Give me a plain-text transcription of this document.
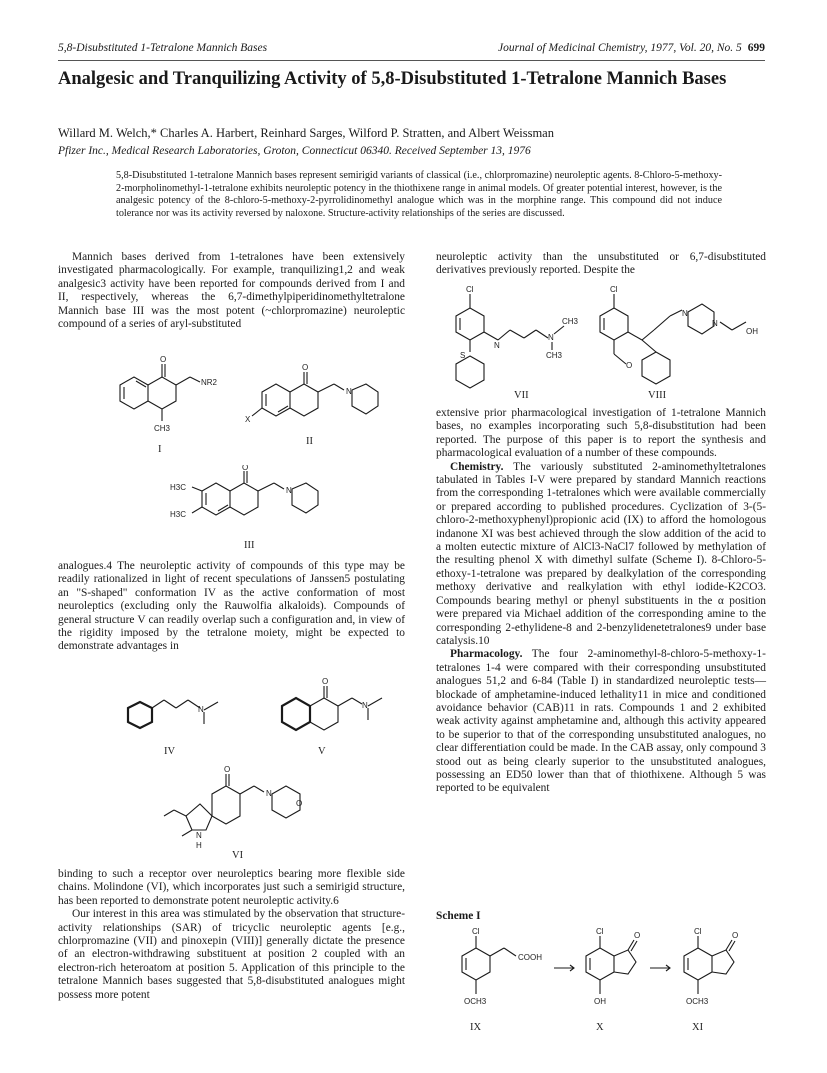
5,8-Disubstituted 1-Tetralone Mannich Bases	Journal of Medicinal Chemistry, 1977, Vol. 20, No. 5 699
Analgesic and Tranquilizing Activity of 5,8-Disubstituted 1-Tetralone Mannich Bases
Willard M. Welch,* Charles A. Harbert, Reinhard Sarges, Wilford P. Stratten, and Albert Weissman
Pfizer Inc., Medical Research Laboratories, Groton, Connecticut 06340. Received September 13, 1976
5,8-Disubstituted 1-tetralone Mannich bases represent semirigid variants of classical (i.e., chlorpromazine) neuroleptic agents. 8-Chloro-5-methoxy-2-morpholinomethyl-1-tetralone exhibits neuroleptic potency in the thiothixene range in animal models. Of greater potential interest, however, is the analgesic potency of the 8-chloro-5-methoxy-2-pyrrolidinomethyl analogue which was in the morphine range. This compound did not induce tolerance nor was its activity reversed by naloxone. Structure-activity relationships of the series are discussed.

Mannich bases derived from 1-tetralones have been extensively investigated pharmacologically. For example, tranquilizing1,2 and weak analgesic3 activity have been reported for compounds derived from I and II, respectively, whereas the 6,7-dimethylpiperidinomethyltetralone Mannich base III was the most potent (~chlorpromazine) neuroleptic compound of a series of aryl-substituted

O
NR2
CH3
I
O
X
N
II
O
H3C
H3C
N
III

analogues.4 The neuroleptic activity of compounds of this type may be readily rationalized in light of recent speculations of Janssen5 postulating an "S-shaped" conformation IV as the active conformation of most neuroleptics (excluding only the Rauwolfia alkaloids). Compounds of general structure V can readily overlap such a configuration and, in view of the rigidity imposed by the tetralone moiety, might be expected to demonstrate advantages in

N
IV
O
N
V
O
N
O
N
H
VI

binding to such a receptor over neuroleptics bearing more flexible side chains. Molindone (VI), which incorporates just such a semirigid structure, has been reported to demonstrate potent neuroleptic activity.6

Our interest in this area was stimulated by the observation that structure-activity relationships (SAR) of tricyclic neuroleptic agents [e.g., chlorpromazine (VII) and pinoxepin (VIII)] generally dictate the presence of an electron-withdrawing substituent at position 2 coupled with an electron-rich heteroatom at position 5. Application of this principle to the tetralone Mannich bases suggested that 5,8-disubstituted analogues might possess more potent

neuroleptic activity than the unsubstituted or 6,7-disubstituted derivatives previously reported. Despite the

Cl
N
S
N
CH3
CH3
VII
Cl
O
N
N
OH
VIII

extensive prior pharmacological investigation of 1-tetralone Mannich bases, no examples incorporating such 5,8-disubstitution had been reported. The purpose of this paper is to report the synthesis and pharmacological evaluation of a number of these compounds.

Chemistry. The variously substituted 2-aminomethyltetralones tabulated in Tables I-V were prepared by standard Mannich reactions from the corresponding 1-tetralones which were available commercially or prepared according to published procedures. Cyclization of 3-(5-chloro-2-methoxyphenyl)propionic acid (IX) to afford the homologous indanone XI was best achieved through the slow addition of the acid to a molten eutectic mixture of AlCl3-NaCl7 followed by methylation of the resulting phenol X with dimethyl sulfate (Scheme I). 8-Chloro-5-ethoxy-1-tetralone was prepared by dealkylation of the corresponding methoxy derivative and realkylation with ethyl iodide-K2CO3. Compounds bearing methyl or phenyl substituents in the α position were prepared via Michael addition of the corresponding amine to the corresponding 2-ethylidene-8 and 2-benzylidenetetralones9 under base catalysis.10

Pharmacology. The four 2-aminomethyl-8-chloro-5-methoxy-1-tetralones 1-4 were compared with their corresponding unsubstituted analogues 51,2 and 6-84 (Table I) in standardized neuroleptic tests—blockade of amphetamine-induced lethality11 in mice and conditioned avoidance behavior (CAB)11 in rats. Compounds 1 and 2 exhibited weak activity against amphetamine and, although this activity appeared to be superior to that of the corresponding unsubstituted analogues, no clear differentiation could be made. In the CAB assay, only compound 3 stood out as being clearly superior to the unsubstituted analogues, possessing an ED50 lower than that of thiothixene. Although 5 was reported to be equivalent

Scheme I
Cl
COOH
OCH3
IX
Cl	O
OH
X
Cl	O
OCH3
XI
